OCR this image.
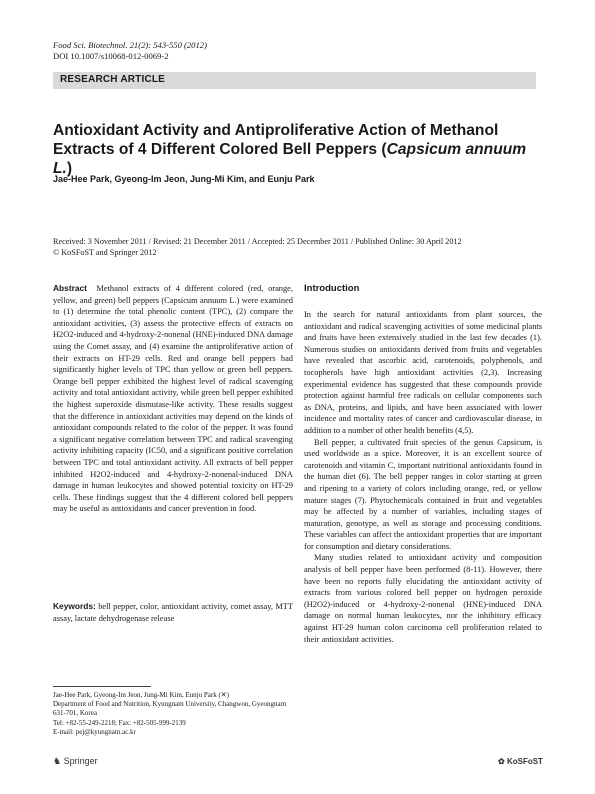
Food Sci. Biotechnol. 21(2): 543-550 (2012)
DOI 10.1007/s10068-012-0069-2
RESEARCH ARTICLE
Antioxidant Activity and Antiproliferative Action of Methanol Extracts of 4 Different Colored Bell Peppers (Capsicum annuum L.)
Jae-Hee Park, Gyeong-Im Jeon, Jung-Mi Kim, and Eunju Park
Received: 3 November 2011 / Revised: 21 December 2011 / Accepted: 25 December 2011 / Published Online: 30 April 2012
© KoSFoST and Springer 2012

Abstract Methanol extracts of 4 different colored (red, orange, yellow, and green) bell peppers (Capsicum annuum L.) were examined to (1) determine the total phenolic content (TPC), (2) compare the antioxidant activities, (3) assess the protective effects of extracts on H2O2-induced and 4-hydroxy-2-nonenal (HNE)-induced DNA damage using the Comet assay, and (4) examine the antiproliferative action of their extracts on HT-29 cells. Red and orange bell peppers had significantly higher levels of TPC than yellow or green bell peppers. Orange bell pepper exhibited the highest level of radical scavenging activity and total antioxidant activity, while green bell pepper exhibited the highest superoxide dismutase-like activity. These results suggest that the difference in antioxidant activities may depend on the kinds of antioxidant compounds related to the color of the pepper. It was found a significant negative correlation between TPC and radical scavenging activity inhibiting capacity (IC50, and a significant positive correlation between TPC and total antioxidant activity. All extracts of bell pepper inhibited H2O2-induced and 4-hydroxy-2-nonenal-induced DNA damage in human leukocytes and showed potential toxicity on HT-29 cells. These findings suggest that the 4 different colored bell peppers may be useful as antioxidants and cancer prevention in food.

Keywords: bell pepper, color, antioxidant activity, comet assay, MTT assay, lactate dehydrogenase release

Jae-Hee Park, Gyeong-Im Jeon, Jung-Mi Kim, Eunju Park (✕)
Department of Food and Nutrition, Kyungnam University, Changwon, Gyeongnam 631-701, Korea
Tel: +82-55-249-2218; Fax: +82-505-999-2139
E-mail: pej@kyungnam.ac.kr
Introduction

In the search for natural antioxidants from plant sources, the antioxidant and radical scavenging activities of some medicinal plants and fruits have been extensively studied in the last few decades (1). Numerous studies on antioxidants derived from fruits and vegetables have revealed that ascorbic acid, carotenoids, polyphenols, and tocopherols have high antioxidant activities (2,3). Increasing experimental evidence has suggested that these compounds provide protection against harmful free radicals on cellular components such as DNA, proteins, and lipids, and have been associated with lower incidence and mortality rates of cancer and cardiovascular disease, in addition to a number of other health benefits (4,5).

Bell pepper, a cultivated fruit species of the genus Capsicum, is used worldwide as a spice. Moreover, it is an excellent source of carotenoids and vitamin C, important nutritional antioxidants found in the human diet (6). The bell pepper ranges in color starting at green and ripening to a variety of colors including orange, red, or yellow mature stages (7). Phytochemicals contained in fruit and vegetables may be affected by a number of variables, including stages of maturation, genotype, as well as storage and processing conditions. These variables can affect the antioxidant properties that are important for consumption and dietary considerations.

Many studies related to antioxidant activity and composition analysis of bell pepper have been performed (8-11). However, there have been no reports fully elucidating the antioxidant activity of extracts from various colored bell pepper on hydrogen peroxide (H2O2)-induced or 4-hydroxy-2-nonenal (HNE)-induced DNA damage on normal human leukocytes, nor the inhibitory efficacy against HT-29 human colon carcinoma cell proliferation related to their antioxidant activities.

♞ Springer	✿ KoSFoST
